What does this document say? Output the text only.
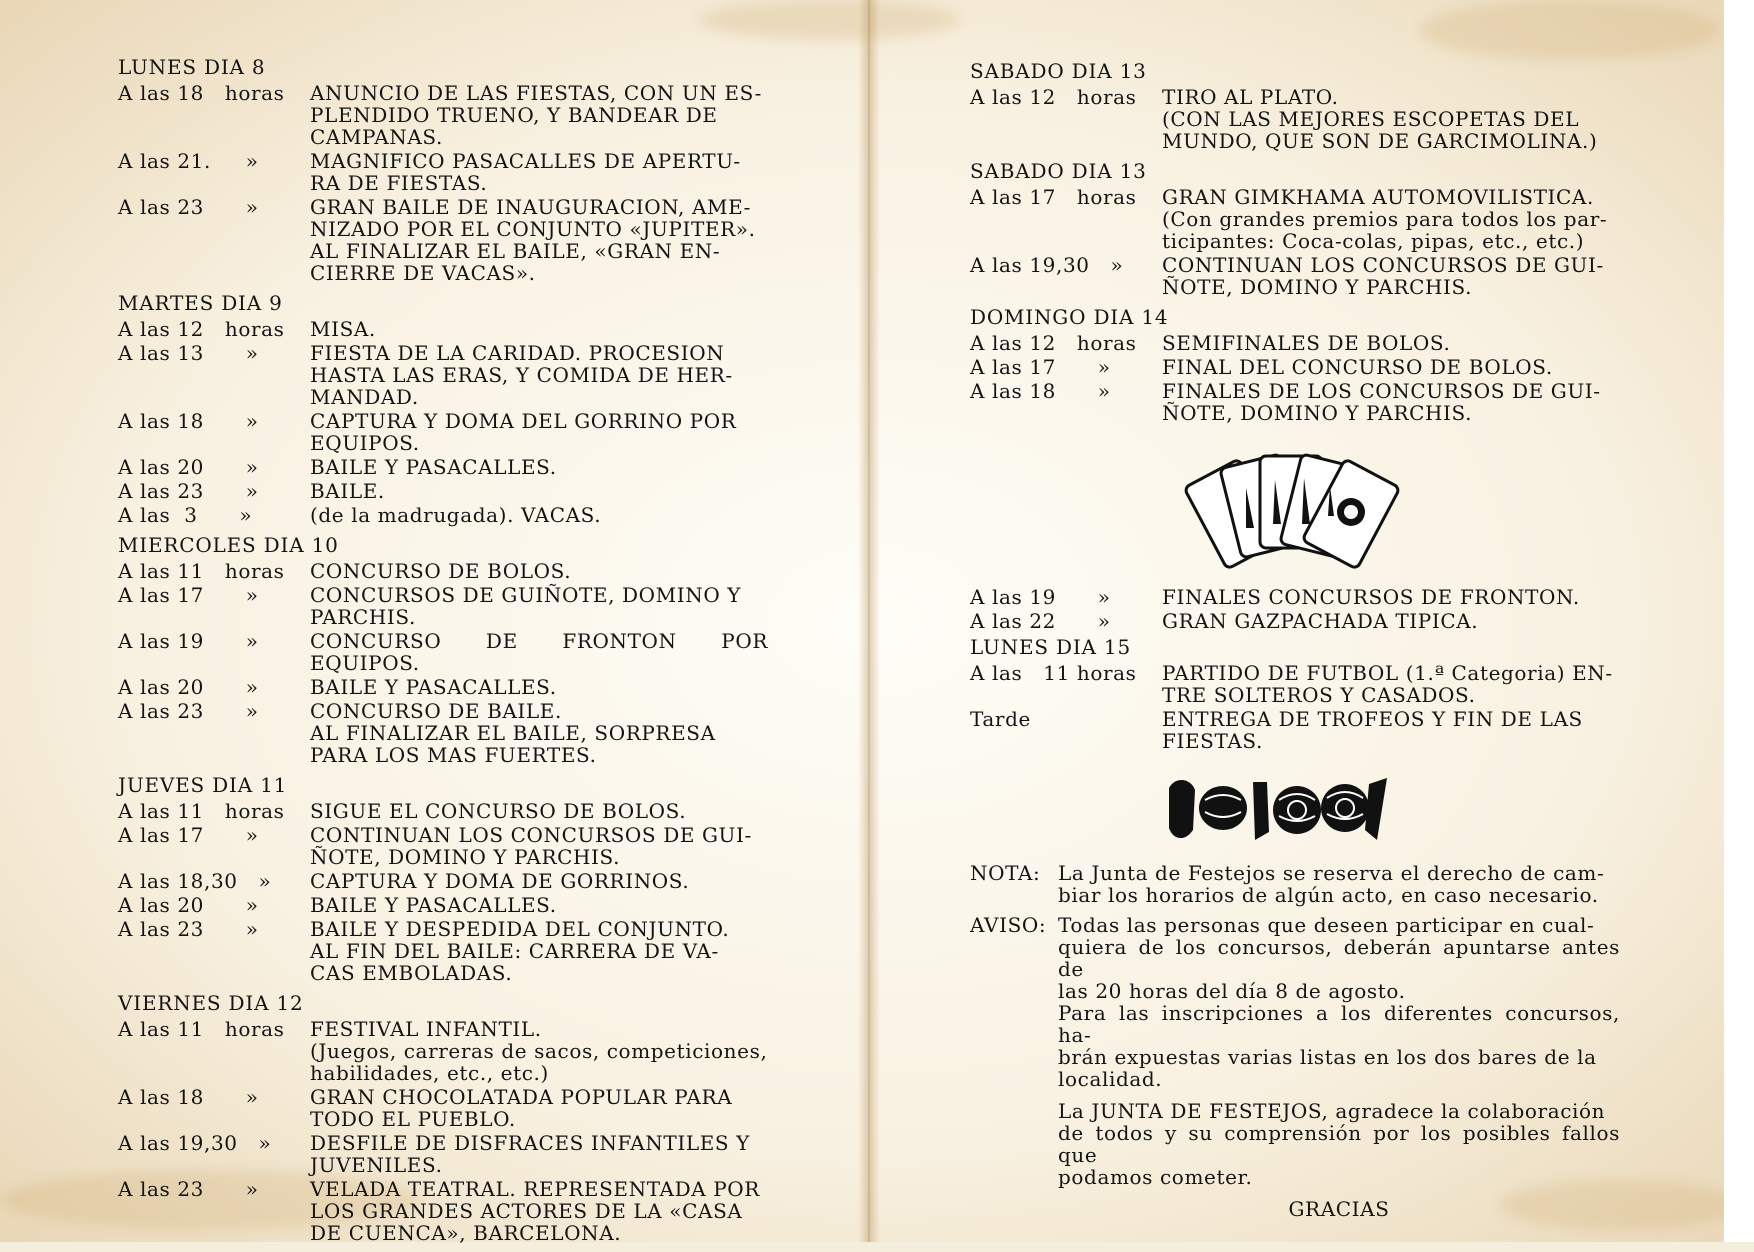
LUNES DIA 8
A las 18   horas	ANUNCIO DE LAS FIESTAS, CON UN ES-
PLENDIDO TRUENO, Y BANDEAR DE
CAMPANAS.
A las 21.     »	MAGNIFICO PASACALLES DE APERTU-
RA DE FIESTAS.
A las 23      »	GRAN BAILE DE INAUGURACION, AME-
NIZADO POR EL CONJUNTO «JUPITER».
AL FINALIZAR EL BAILE, «GRAN EN-
CIERRE DE VACAS».
MARTES DIA 9
A las 12   horas	MISA.
A las 13      »	FIESTA DE LA CARIDAD. PROCESION
HASTA LAS ERAS, Y COMIDA DE HER-
MANDAD.
A las 18      »	CAPTURA Y DOMA DEL GORRINO POR
EQUIPOS.
A las 20      »	BAILE Y PASACALLES.
A las 23      »	BAILE.
A las  3      »	(de la madrugada). VACAS.
MIERCOLES DIA 10
A las 11   horas	CONCURSO DE BOLOS.
A las 17      »	CONCURSOS DE GUIÑOTE, DOMINO Y
PARCHIS.
A las 19      »	CONCURSO DE FRONTON POR EQUIPOS.
A las 20      »	BAILE Y PASACALLES.
A las 23      »	CONCURSO DE BAILE.
AL FINALIZAR EL BAILE, SORPRESA
PARA LOS MAS FUERTES.
JUEVES DIA 11
A las 11   horas	SIGUE EL CONCURSO DE BOLOS.
A las 17      »	CONTINUAN LOS CONCURSOS DE GUI-
ÑOTE, DOMINO Y PARCHIS.
A las 18,30   »	CAPTURA Y DOMA DE GORRINOS.
A las 20      »	BAILE Y PASACALLES.
A las 23      »	BAILE Y DESPEDIDA DEL CONJUNTO.
AL FIN DEL BAILE: CARRERA DE VA-
CAS EMBOLADAS.
VIERNES DIA 12
A las 11   horas	FESTIVAL INFANTIL.
(Juegos, carreras de sacos, competiciones,
habilidades, etc., etc.)
A las 18      »	GRAN CHOCOLATADA POPULAR PARA
TODO EL PUEBLO.
A las 19,30   »	DESFILE DE DISFRACES INFANTILES Y
JUVENILES.
A las 23      »	VELADA TEATRAL. REPRESENTADA POR
LOS GRANDES ACTORES DE LA «CASA
DE CUENCA», BARCELONA.
SABADO DIA 13
A las 12   horas	TIRO AL PLATO.
(CON LAS MEJORES ESCOPETAS DEL
MUNDO, QUE SON DE GARCIMOLINA.)
SABADO DIA 13
A las 17   horas	GRAN GIMKHAMA AUTOMOVILISTICA.
(Con grandes premios para todos los par-
ticipantes: Coca-colas, pipas, etc., etc.)
A las 19,30   »	CONTINUAN LOS CONCURSOS DE GUI-
ÑOTE, DOMINO Y PARCHIS.
DOMINGO DIA 14
A las 12   horas	SEMIFINALES DE BOLOS.
A las 17      »	FINAL DEL CONCURSO DE BOLOS.
A las 18      »	FINALES DE LOS CONCURSOS DE GUI-
ÑOTE, DOMINO Y PARCHIS.
A las 19      »	FINALES CONCURSOS DE FRONTON.
A las 22      »	GRAN GAZPACHADA TIPICA.
LUNES DIA 15
A las   11 horas	PARTIDO DE FUTBOL (1.ª Categoria) EN-
TRE SOLTEROS Y CASADOS.
Tarde	ENTREGA DE TROFEOS Y FIN DE LAS
FIESTAS.
NOTA: La Junta de Festejos se reserva el derecho de cam-
biar los horarios de algún acto, en caso necesario.
AVISO: Todas las personas que deseen participar en cual-
quiera de los concursos, deberán apuntarse antes de
las 20 horas del día 8 de agosto.
Para las inscripciones a los diferentes concursos, ha-
brán expuestas varias listas en los dos bares de la
localidad.
La JUNTA DE FESTEJOS, agradece la colaboración
de todos y su comprensión por los posibles fallos que
podamos cometer.
GRACIAS
